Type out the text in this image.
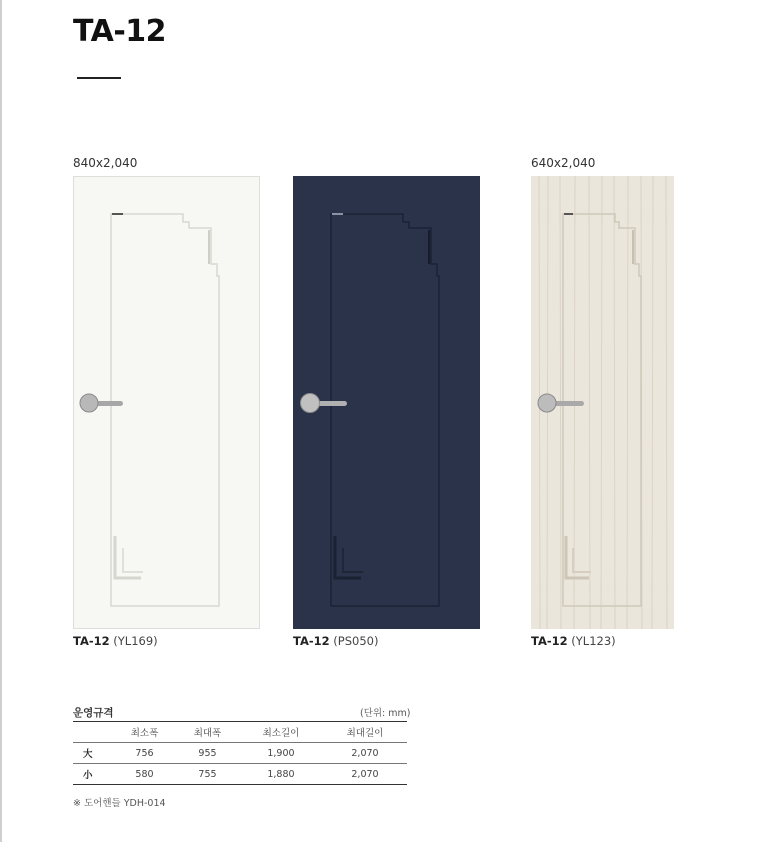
TA-12
840x2,040
TA-12 (YL169)	TA-12 (PS050)
640x2,040
TA-12 (YL123)
운영규격	(단위: mm)
	최소폭	최대폭	최소길이	최대길이
大	756	955	1,900	2,070
小	580	755	1,880	2,070
※ 도어핸들 YDH-014
